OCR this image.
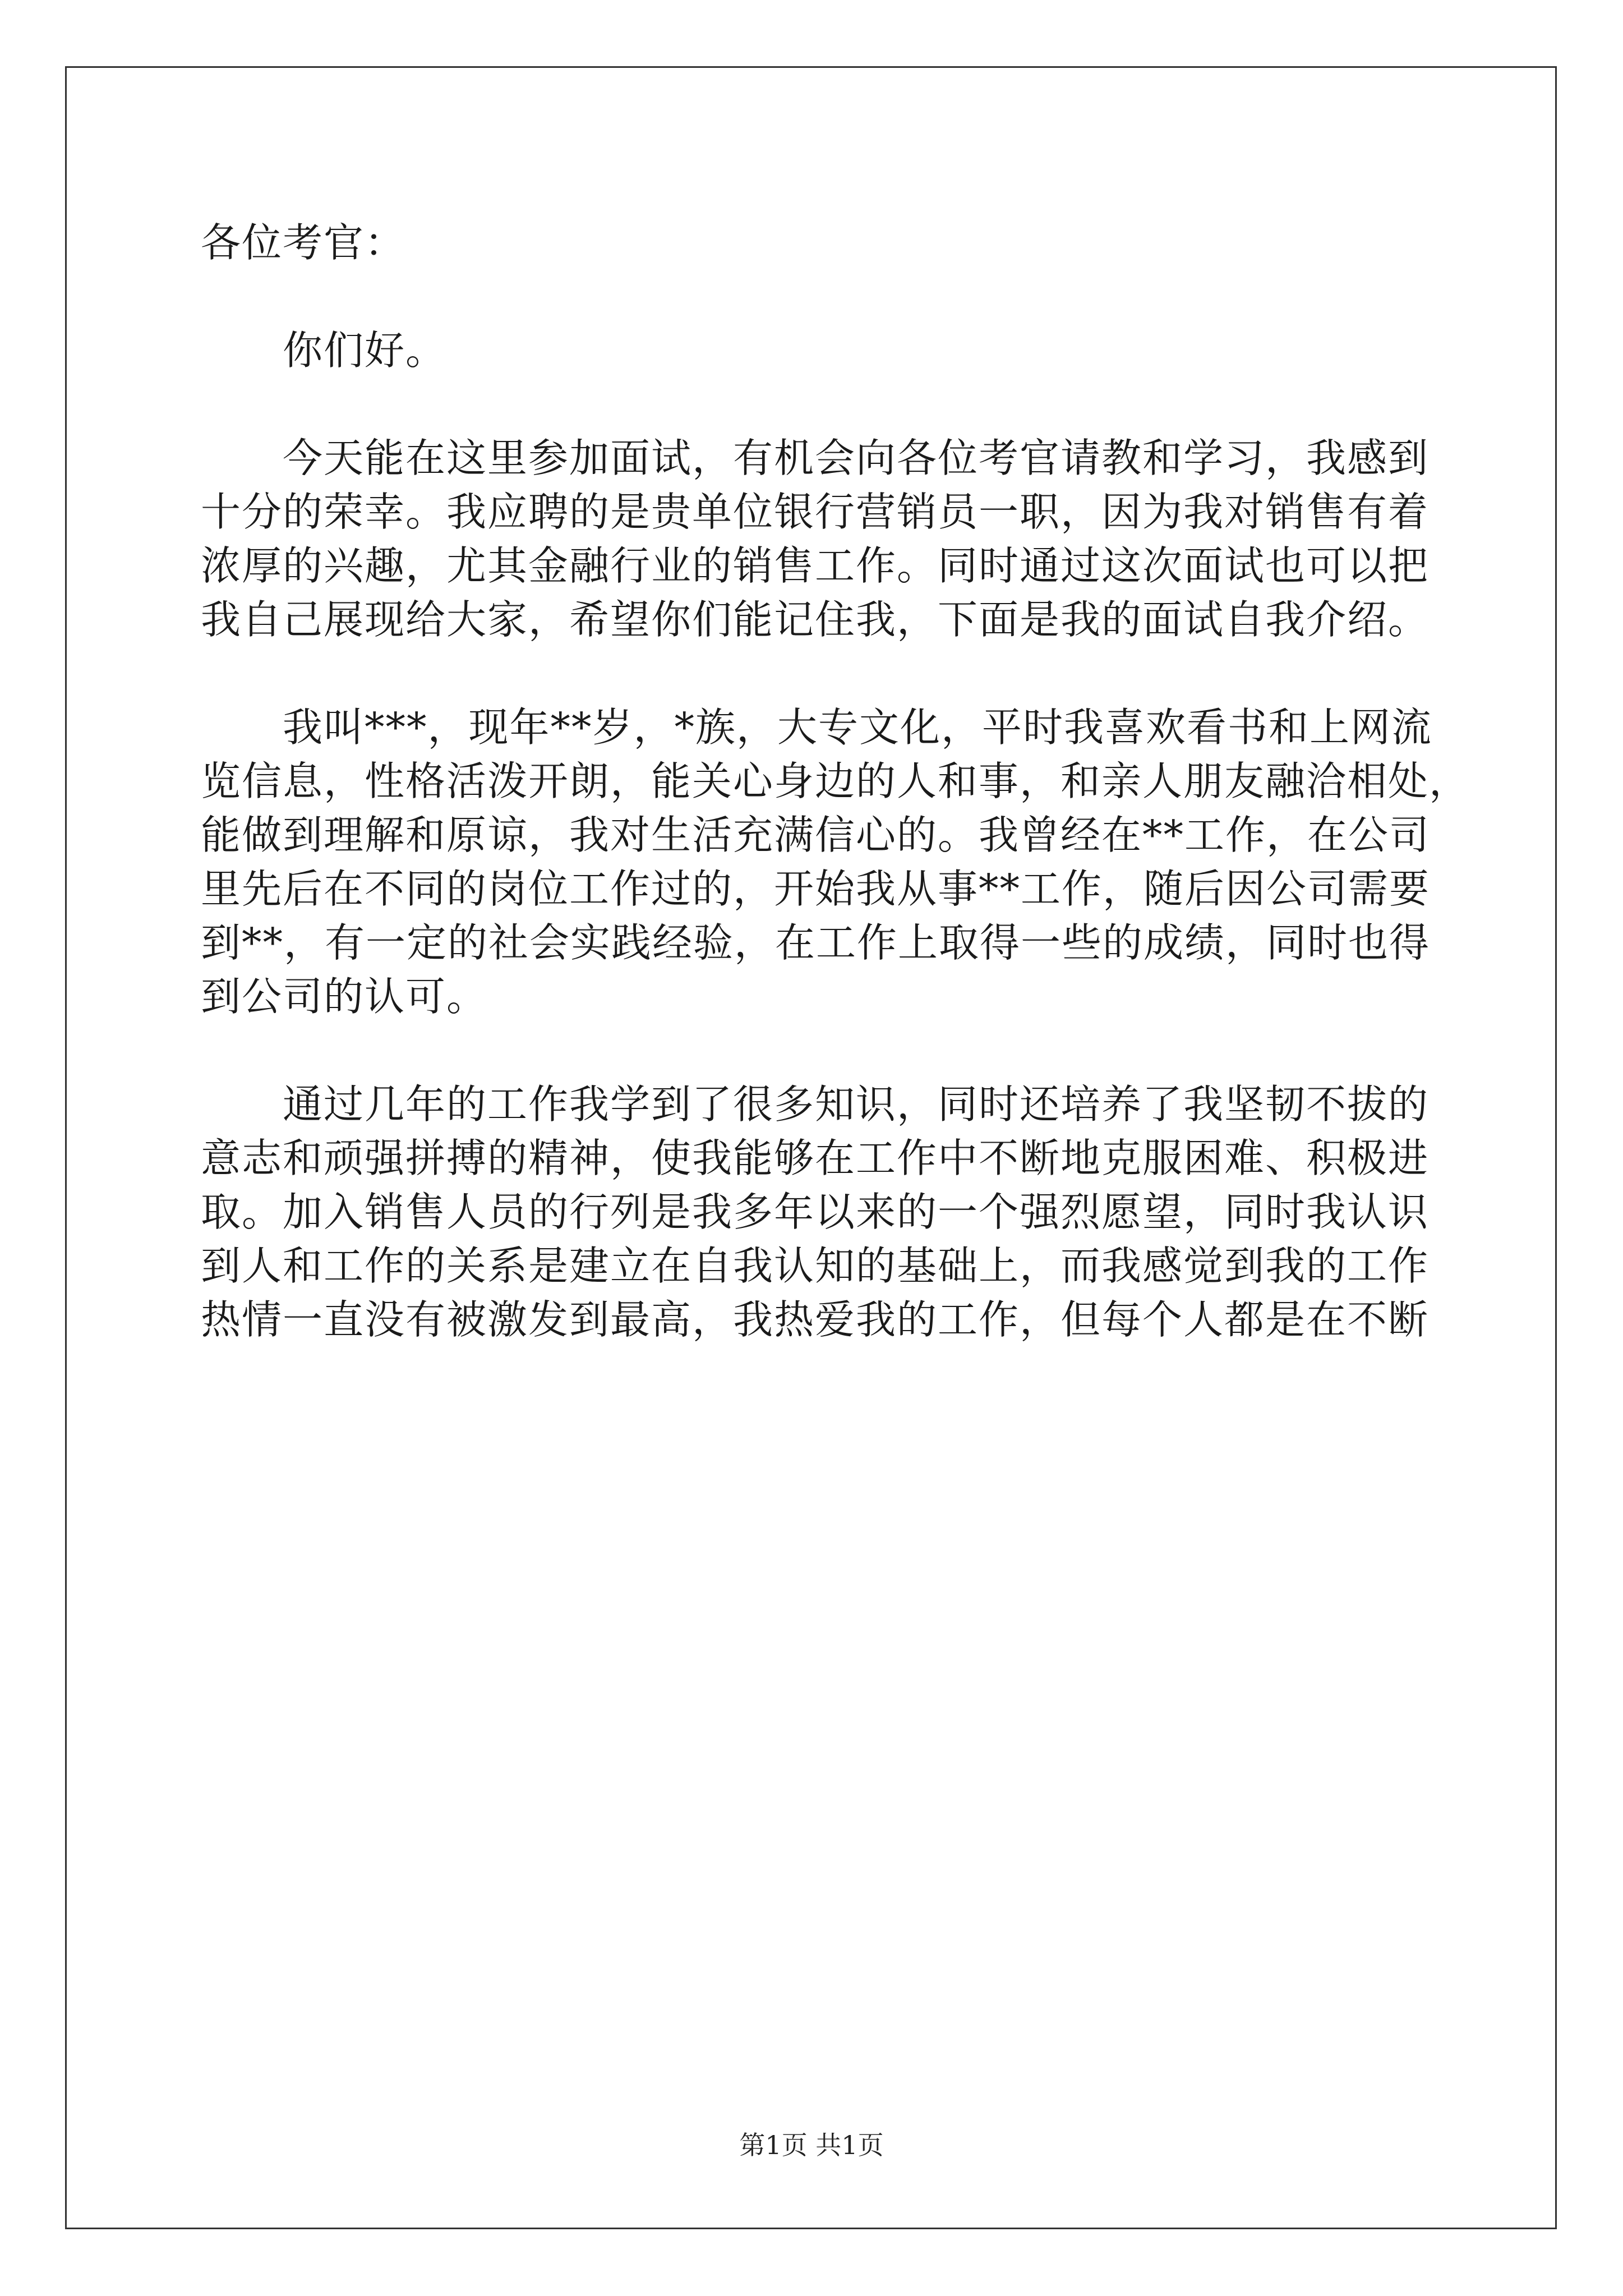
各位考官：

你们好。

今天能在这里参加面试，有机会向各位考官请教和学习，我感到

十分的荣幸。我应聘的是贵单位银行营销员一职，因为我对销售有着

浓厚的兴趣，尤其金融行业的销售工作。同时通过这次面试也可以把

我自己展现给大家，希望你们能记住我，下面是我的面试自我介绍。

我叫***，现年**岁，*族，大专文化，平时我喜欢看书和上网流

览信息，性格活泼开朗，能关心身边的人和事，和亲人朋友融洽相处，

能做到理解和原谅，我对生活充满信心的。我曾经在**工作，在公司

里先后在不同的岗位工作过的，开始我从事**工作，随后因公司需要

到**，有一定的社会实践经验，在工作上取得一些的成绩，同时也得

到公司的认可。

通过几年的工作我学到了很多知识，同时还培养了我坚韧不拔的

意志和顽强拼搏的精神，使我能够在工作中不断地克服困难、积极进

取。加入销售人员的行列是我多年以来的一个强烈愿望，同时我认识

到人和工作的关系是建立在自我认知的基础上，而我感觉到我的工作

热情一直没有被激发到最高，我热爱我的工作，但每个人都是在不断

第1页 共1页
